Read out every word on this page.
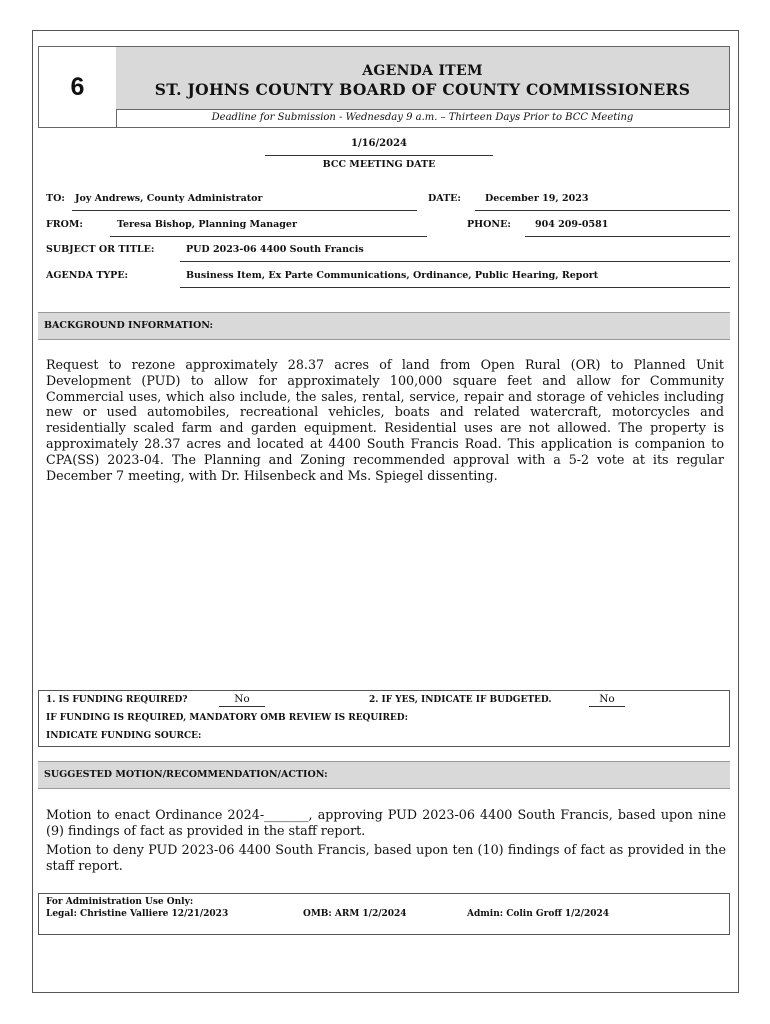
6
AGENDA ITEM
ST. JOHNS COUNTY BOARD OF COUNTY COMMISSIONERS
Deadline for Submission - Wednesday 9 a.m. – Thirteen Days Prior to BCC Meeting
1/16/2024
BCC MEETING DATE
TO: Joy Andrews, County Administrator	DATE:	December 19, 2023
FROM:	Teresa Bishop, Planning Manager	PHONE:	904 209-0581
SUBJECT OR TITLE:	PUD 2023-06 4400 South Francis
AGENDA TYPE:	Business Item, Ex Parte Communications, Ordinance, Public Hearing, Report
BACKGROUND INFORMATION:

Request to rezone approximately 28.37 acres of land from Open Rural (OR) to Planned Unit Development (PUD) to allow for approximately 100,000 square feet and allow for Community Commercial uses, which also include, the sales, rental, service, repair and storage of vehicles including new or used automobiles, recreational vehicles, boats and related watercraft, motorcycles and residentially scaled farm and garden equipment. Residential uses are not allowed. The property is approximately 28.37 acres and located at 4400 South Francis Road. This application is companion to CPA(SS) 2023-04. The Planning and Zoning recommended approval with a 5-2 vote at its regular December 7 meeting, with Dr. Hilsenbeck and Ms. Spiegel dissenting.

1. IS FUNDING REQUIRED?	No	2. IF YES, INDICATE IF BUDGETED.	No
IF FUNDING IS REQUIRED, MANDATORY OMB REVIEW IS REQUIRED:
INDICATE FUNDING SOURCE:
SUGGESTED MOTION/RECOMMENDATION/ACTION:

Motion to enact Ordinance 2024-_______, approving PUD 2023-06 4400 South Francis, based upon nine (9) findings of fact as provided in the staff report.

Motion to deny PUD 2023-06 4400 South Francis, based upon ten (10) findings of fact as provided in the staff report.

For Administration Use Only:
Legal: Christine Valliere 12/21/2023	OMB: ARM 1/2/2024	Admin: Colin Groff 1/2/2024
